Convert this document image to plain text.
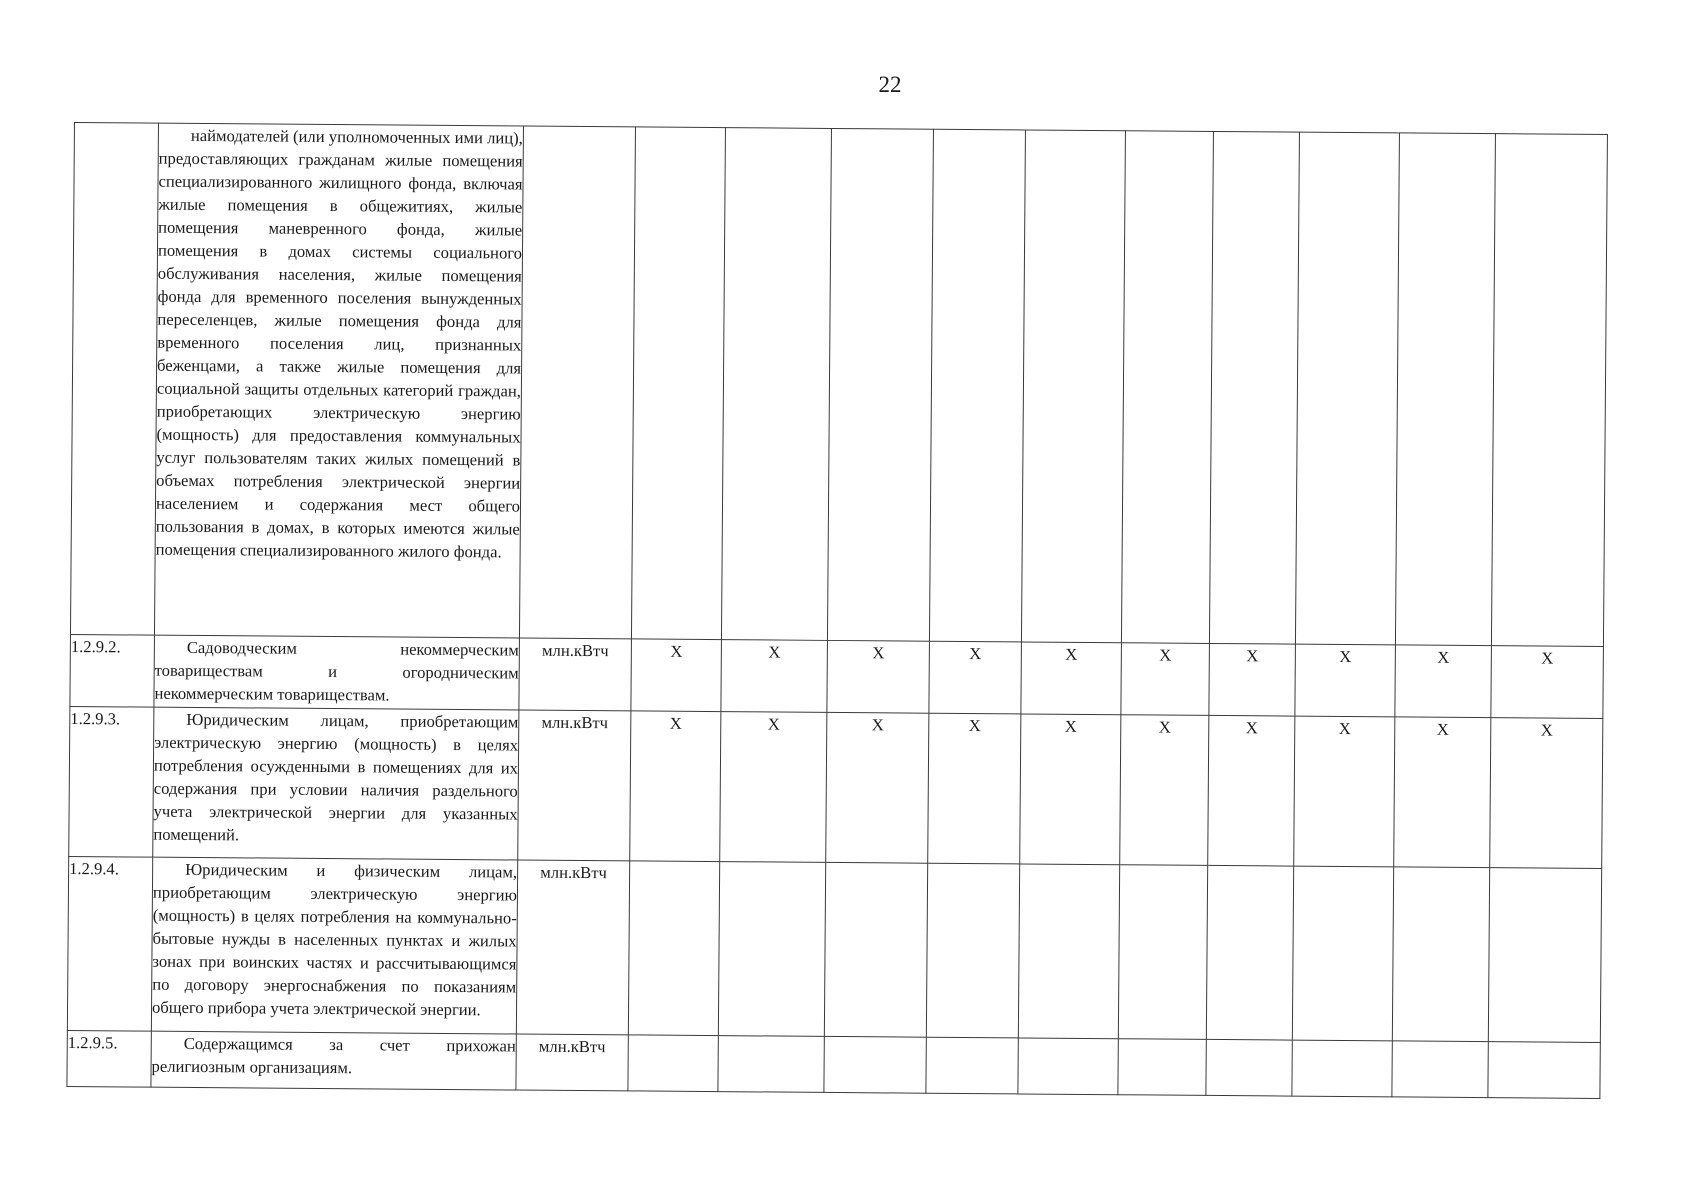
22

	наймодателей (или уполномоченных ими лиц), предоставляющих гражданам жилые помещения специализированного жилищного фонда, включая жилые помещения в общежитиях, жилые помещения маневренного фонда, жилые помещения в домах системы социального обслуживания населения, жилые помещения фонда для временного поселения вынужденных переселенцев, жилые помещения фонда для временного поселения лиц, признанных беженцами, а также жилые помещения для социальной защиты отдельных категорий граждан, приобретающих электрическую энергию (мощность) для предоставления коммунальных услуг пользователям таких жилых помещений в объемах потребления электрической энергии населением и содержания мест общего пользования в домах, в которых имеются жилые помещения специализированного жилого фонда.											

1.2.9.2.	Садоводческим некоммерческим товариществам и огородническим некоммерческим товариществам.	млн.кВтч	X	X	X	X	X	X	X	X	X	X
1.2.9.3.	Юридическим лицам, приобретающим электрическую энергию (мощность) в целях потребления осужденными в помещениях для их содержания при условии наличия раздельного учета электрической энергии для указанных помещений.	млн.кВтч	X	X	X	X	X	X	X	X	X	X
1.2.9.4.	Юридическим и физическим лицам, приобретающим электрическую энергию (мощность) в целях потребления на коммунально-бытовые нужды в населенных пунктах и жилых зонах при воинских частях и рассчитывающимся по договору энергоснабжения по показаниям общего прибора учета электрической энергии.	млн.кВтч										
1.2.9.5.	Содержащимся за счет прихожан религиозным организациям.	млн.кВтч										
